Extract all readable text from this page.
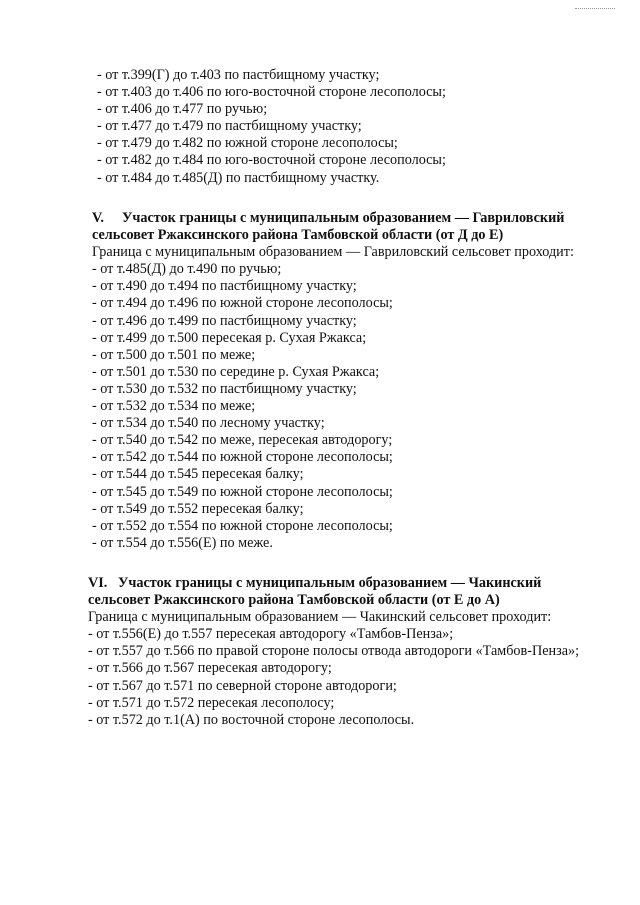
- от т.399(Г) до т.403 по пастбищному участку;
- от т.403 до т.406 по юго-восточной стороне лесополосы;
- от т.406 до т.477 по ручью;
- от т.477 до т.479 по пастбищному участку;
- от т.479 до т.482 по южной стороне лесополосы;
- от т.482 до т.484 по юго-восточной стороне лесополосы;
- от т.484 до т.485(Д) по пастбищному участку.
V. Участок границы с муниципальным образованием — Гавриловский
сельсовет Ржаксинского района Тамбовской области (от Д до Е)
Граница с муниципальным образованием — Гавриловский сельсовет проходит:
- от т.485(Д) до т.490 по ручью;
- от т.490 до т.494 по пастбищному участку;
- от т.494 до т.496 по южной стороне лесополосы;
- от т.496 до т.499 по пастбищному участку;
- от т.499 до т.500 пересекая р. Сухая Ржакса;
- от т.500 до т.501 по меже;
- от т.501 до т.530 по середине р. Сухая Ржакса;
- от т.530 до т.532 по пастбищному участку;
- от т.532 до т.534 по меже;
- от т.534 до т.540 по лесному участку;
- от т.540 до т.542 по меже, пересекая автодорогу;
- от т.542 до т.544 по южной стороне лесополосы;
- от т.544 до т.545 пересекая балку;
- от т.545 до т.549 по южной стороне лесополосы;
- от т.549 до т.552 пересекая балку;
- от т.552 до т.554 по южной стороне лесополосы;
- от т.554 до т.556(Е) по меже.
VI. Участок границы с муниципальным образованием — Чакинский
сельсовет Ржаксинского района Тамбовской области (от Е до А)
Граница с муниципальным образованием — Чакинский сельсовет проходит:
- от т.556(Е) до т.557 пересекая автодорогу «Тамбов-Пенза»;
- от т.557 до т.566 по правой стороне полосы отвода автодороги «Тамбов-Пенза»;
- от т.566 до т.567 пересекая автодорогу;
- от т.567 до т.571 по северной стороне автодороги;
- от т.571 до т.572 пересекая лесополосу;
- от т.572 до т.1(А) по восточной стороне лесополосы.
